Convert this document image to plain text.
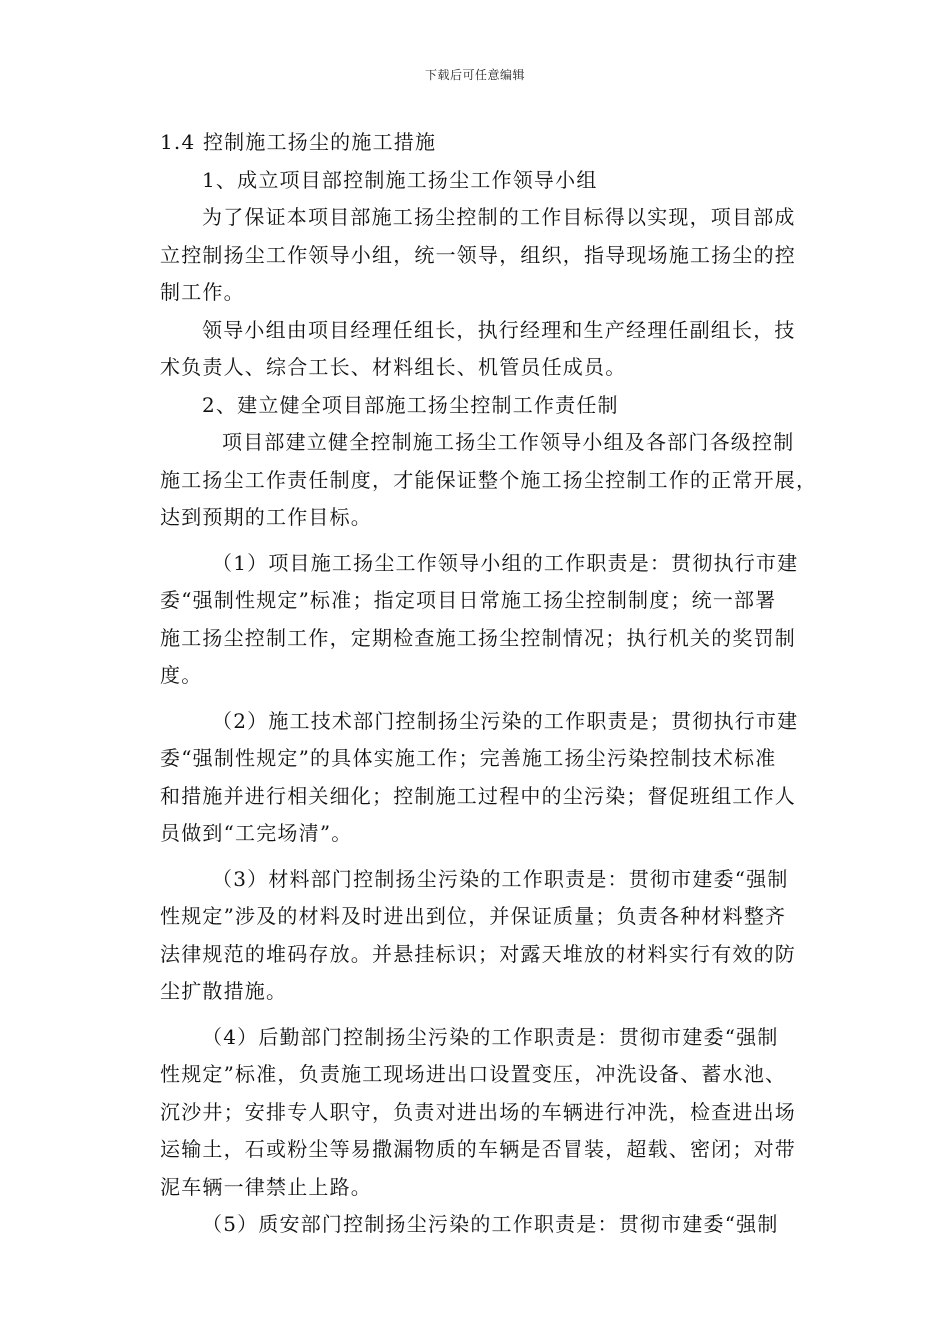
下载后可任意编辑
1.4 控制施工扬尘的施工措施
1、成立项目部控制施工扬尘工作领导小组
为了保证本项目部施工扬尘控制的工作目标得以实现，项目部成
立控制扬尘工作领导小组，统一领导，组织，指导现场施工扬尘的控
制工作。
领导小组由项目经理任组长，执行经理和生产经理任副组长，技
术负责人、综合工长、材料组长、机管员任成员。
2、建立健全项目部施工扬尘控制工作责任制
项目部建立健全控制施工扬尘工作领导小组及各部门各级控制
施工扬尘工作责任制度，才能保证整个施工扬尘控制工作的正常开展，
达到预期的工作目标。
（1）项目施工扬尘工作领导小组的工作职责是：贯彻执行市建
委“强制性规定”标准；指定项目日常施工扬尘控制制度；统一部署
施工扬尘控制工作，定期检查施工扬尘控制情况；执行机关的奖罚制
度。
（2）施工技术部门控制扬尘污染的工作职责是；贯彻执行市建
委“强制性规定”的具体实施工作；完善施工扬尘污染控制技术标准
和措施并进行相关细化；控制施工过程中的尘污染；督促班组工作人
员做到“工完场清”。
（3）材料部门控制扬尘污染的工作职责是：贯彻市建委“强制
性规定”涉及的材料及时进出到位，并保证质量；负责各种材料整齐
法律规范的堆码存放。并悬挂标识；对露天堆放的材料实行有效的防
尘扩散措施。
（4）后勤部门控制扬尘污染的工作职责是：贯彻市建委“强制
性规定”标准，负责施工现场进出口设置变压，冲洗设备、蓄水池、
沉沙井；安排专人职守，负责对进出场的车辆进行冲洗，检查进出场
运输土，石或粉尘等易撒漏物质的车辆是否冒装，超载、密闭；对带
泥车辆一律禁止上路。
（5）质安部门控制扬尘污染的工作职责是：贯彻市建委“强制
